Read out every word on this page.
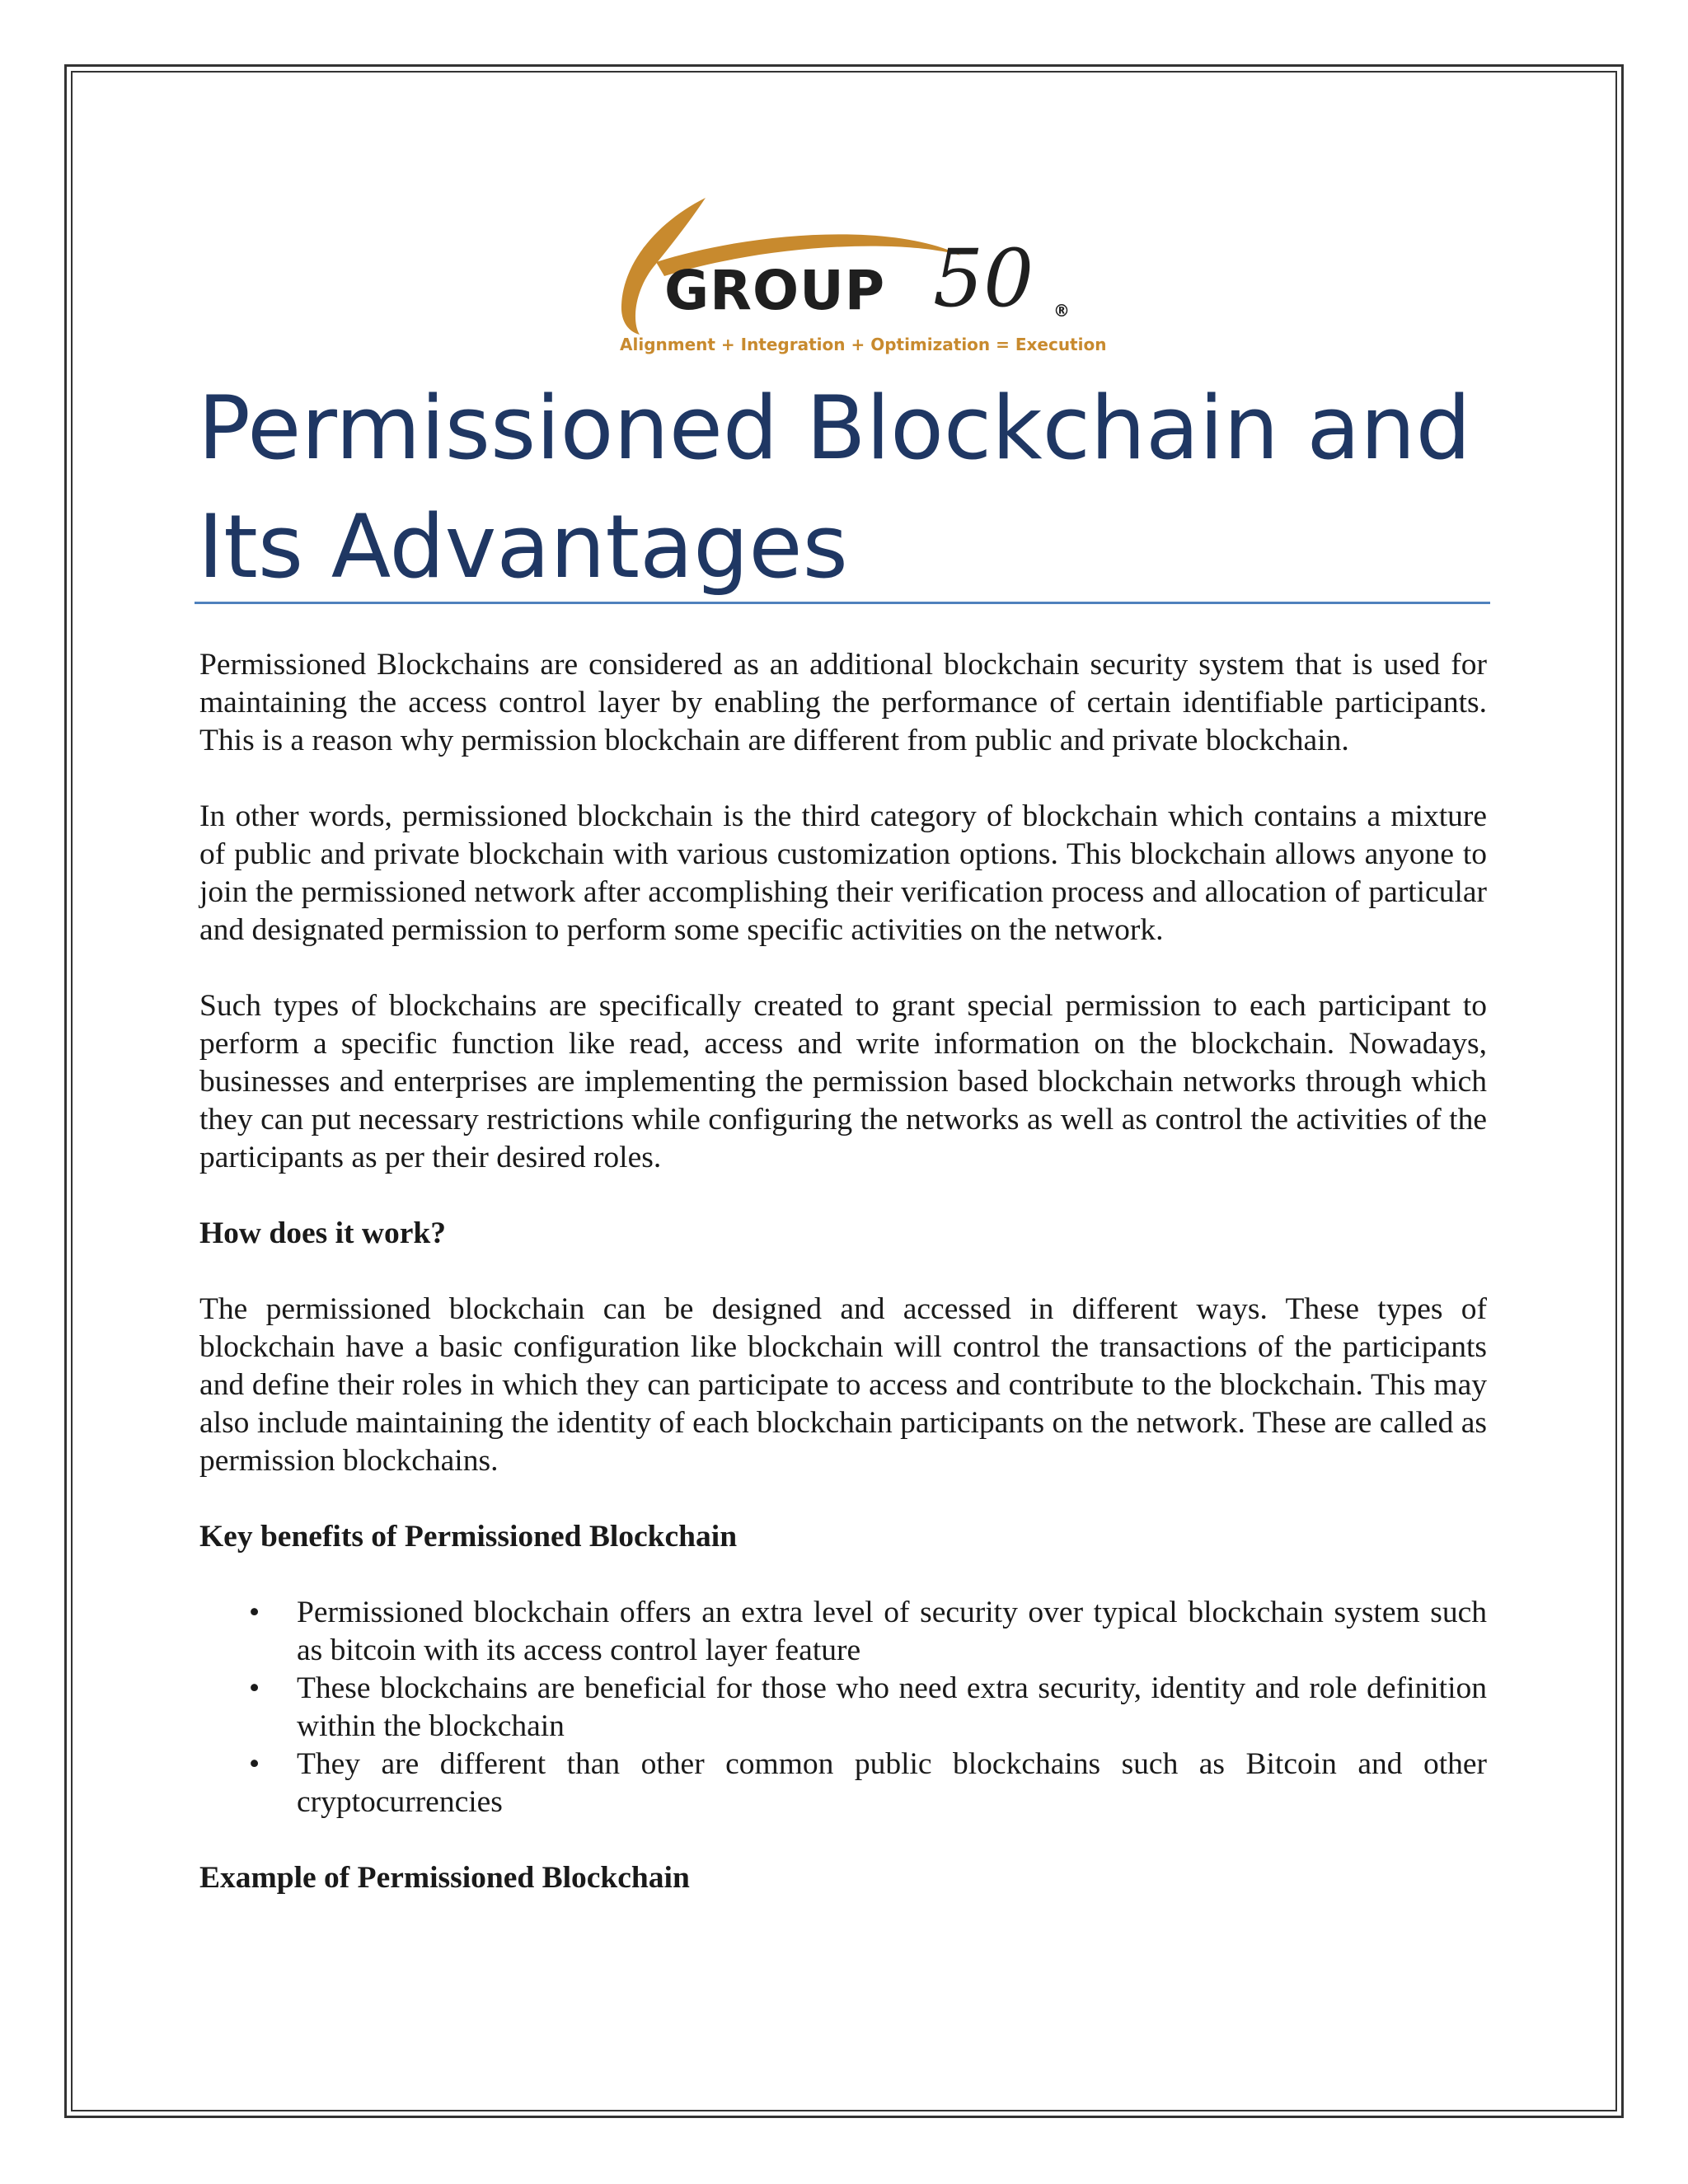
GROUP 50 ®
Alignment + Integration + Optimization = Execution
Permissioned Blockchain and
Its Advantages

Permissioned Blockchains are considered as an additional blockchain security system that is used for maintaining the access control layer by enabling the performance of certain identifiable participants. This is a reason why permission blockchain are different from public and private blockchain.

In other words, permissioned blockchain is the third category of blockchain which contains a mixture of public and private blockchain with various customization options. This blockchain allows anyone to join the permissioned network after accomplishing their verification process and allocation of particular and designated permission to perform some specific activities on the network.

Such types of blockchains are specifically created to grant special permission to each participant to perform a specific function like read, access and write information on the blockchain. Nowadays, businesses and enterprises are implementing the permission based blockchain networks through which they can put necessary restrictions while configuring the networks as well as control the activities of the participants as per their desired roles.

How does it work?

The permissioned blockchain can be designed and accessed in different ways. These types of blockchain have a basic configuration like blockchain will control the transactions of the participants and define their roles in which they can participate to access and contribute to the blockchain. This may also include maintaining the identity of each blockchain participants on the network. These are called as permission blockchains.

Key benefits of Permissioned Blockchain
• Permissioned blockchain offers an extra level of security over typical blockchain system such as bitcoin with its access control layer feature
• These blockchains are beneficial for those who need extra security, identity and role definition within the blockchain
• They are different than other common public blockchains such as Bitcoin and other cryptocurrencies
Example of Permissioned Blockchain
